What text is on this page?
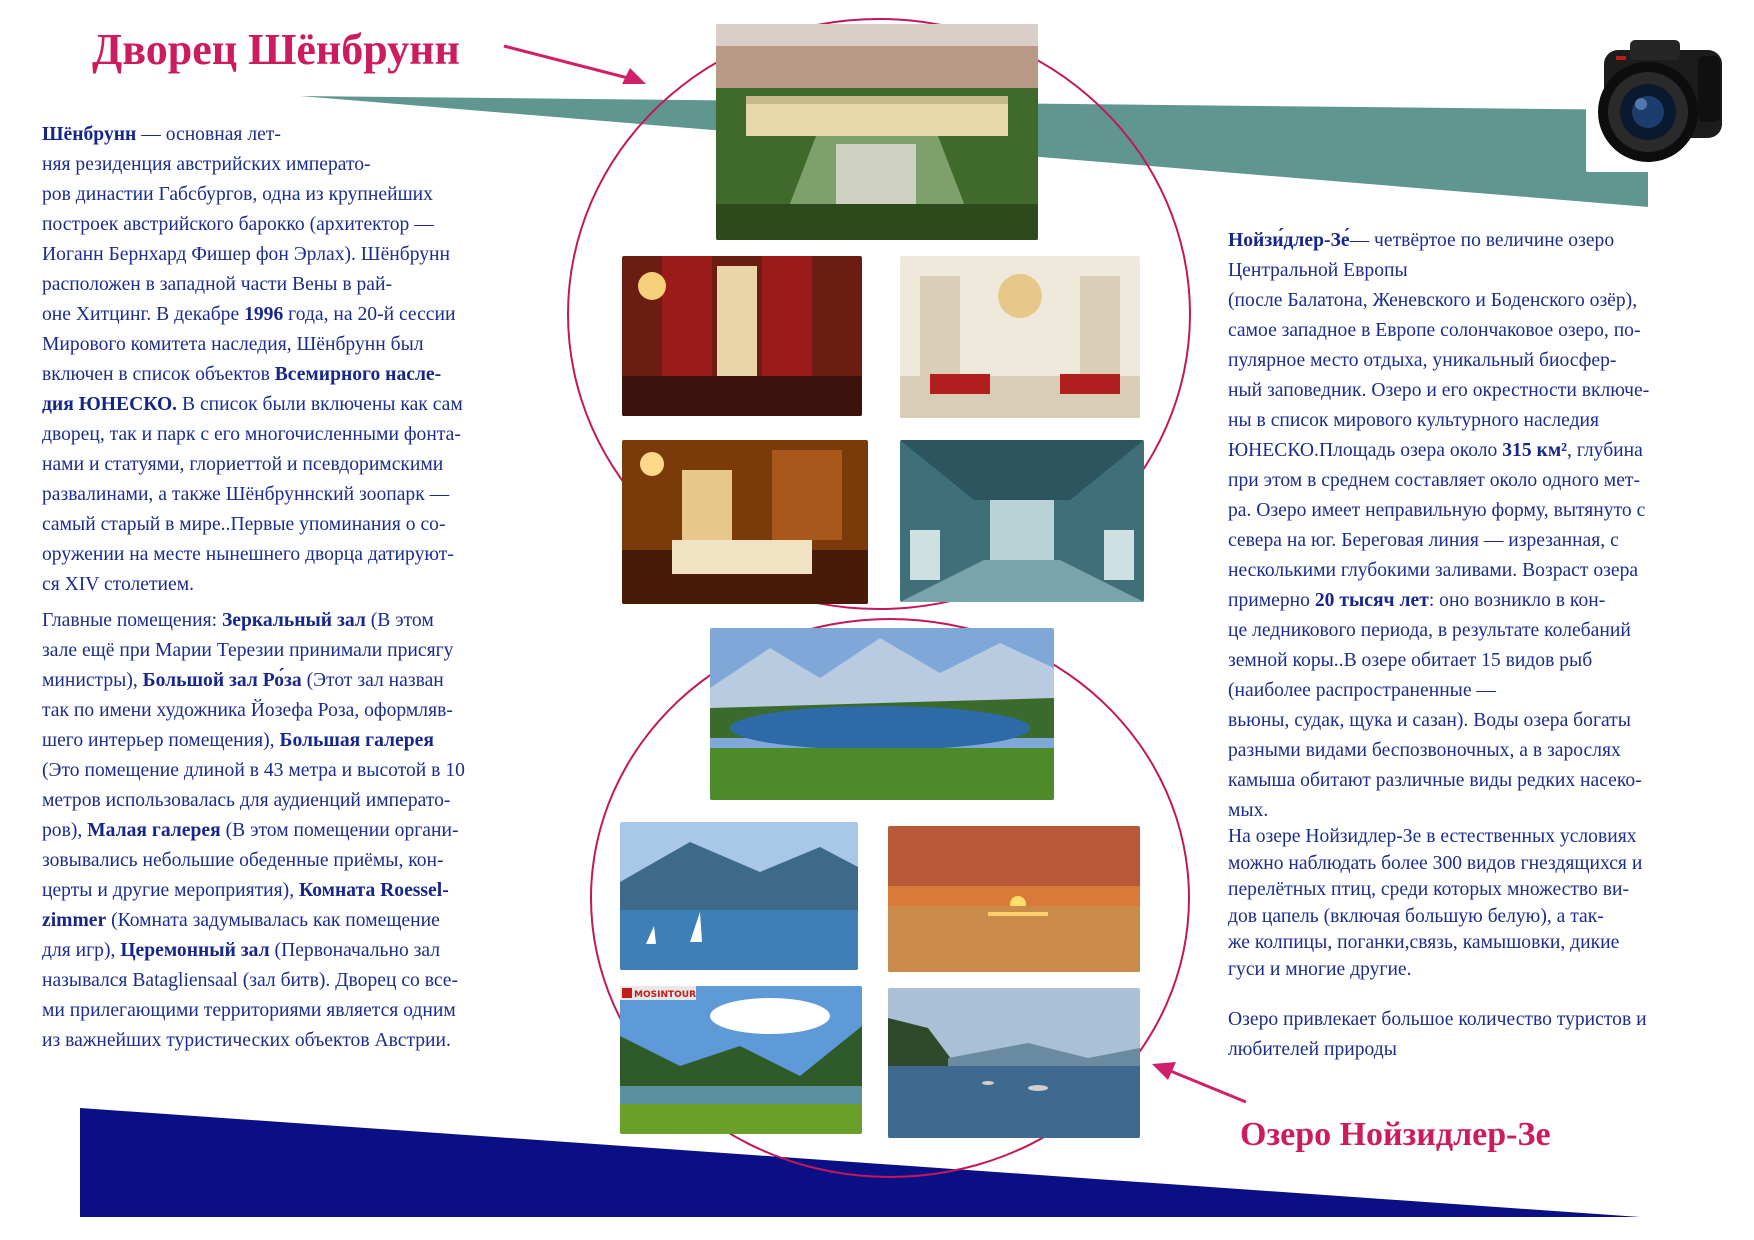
Дворец Шёнбрунн
Озеро Нойзидлер-Зе

Шёнбрунн — основная лет-
няя резиденция австрийских императо-
ров династии Габсбургов, одна из крупнейших
построек австрийского барокко (архитектор —
Иоганн Бернхард Фишер фон Эрлах). Шёнбрунн
расположен в западной части Вены в рай-
оне Хитцинг. В декабре 1996 года, на 20-й сессии
Мирового комитета наследия, Шёнбрунн был
включен в список объектов Всемирного насле-
дия ЮНЕСКО. В список были включены как сам
дворец, так и парк с его многочисленными фонта-
нами и статуями, глориеттой и псевдоримскими
развалинами, а также Шёнбруннский зоопарк —
самый старый в мире..Первые упоминания о со-
оружении на месте нынешнего дворца датируют-
ся XIV столетием.

Главные помещения: Зеркальный зал (В этом
зале ещё при Марии Терезии принимали присягу
министры), Большой зал Ро́за (Этот зал назван
так по имени художника Йозефа Роза, оформляв-
шего интерьер помещения), Большая галерея
(Это помещение длиной в 43 метра и высотой в 10
метров использовалась для аудиенций императо-
ров), Малая галерея (В этом помещении органи-
зовывались небольшие обеденные приёмы, кон-
церты и другие мероприятия), Комната Roessel-
zimmer (Комната задумывалась как помещение
для игр), Церемонный зал (Первоначально зал
назывался Batagliensaal (зал битв). Дворец со все-
ми прилегающими территориями является одним
из важнейших туристических объектов Австрии.

Нойзи́длер-Зе́— четвёртое по величине озеро
Центральной Европы
(после Балатона, Женевского и Боденского озёр),
самое западное в Европе солончаковое озеро, по-
пулярное место отдыха, уникальный биосфер-
ный заповедник. Озеро и его окрестности включе-
ны в список мирового культурного наследия
ЮНЕСКО.Площадь озера около 315 км², глубина
при этом в среднем составляет около одного мет-
ра. Озеро имеет неправильную форму, вытянуто с
севера на юг. Береговая линия — изрезанная, с
несколькими глубокими заливами. Возраст озера
примерно 20 тысяч лет: оно возникло в кон-
це ледникового периода, в результате колебаний
земной коры..В озере обитает 15 видов рыб
(наиболее распространенные —
вьюны, судак, щука и сазан). Воды озера богаты
разными видами беспозвоночных, а в зарослях
камыша обитают различные виды редких насеко-
мых.

На озере Нойзидлер-Зе в естественных условиях
можно наблюдать более 300 видов гнездящихся и
перелётных птиц, среди которых множество ви-
дов цапель (включая большую белую), а так-
же колпицы, поганки,связь, камышовки, дикие
гуси и многие другие.

Озеро привлекает большое количество туристов и
любителей природы

MOSINTOUR
